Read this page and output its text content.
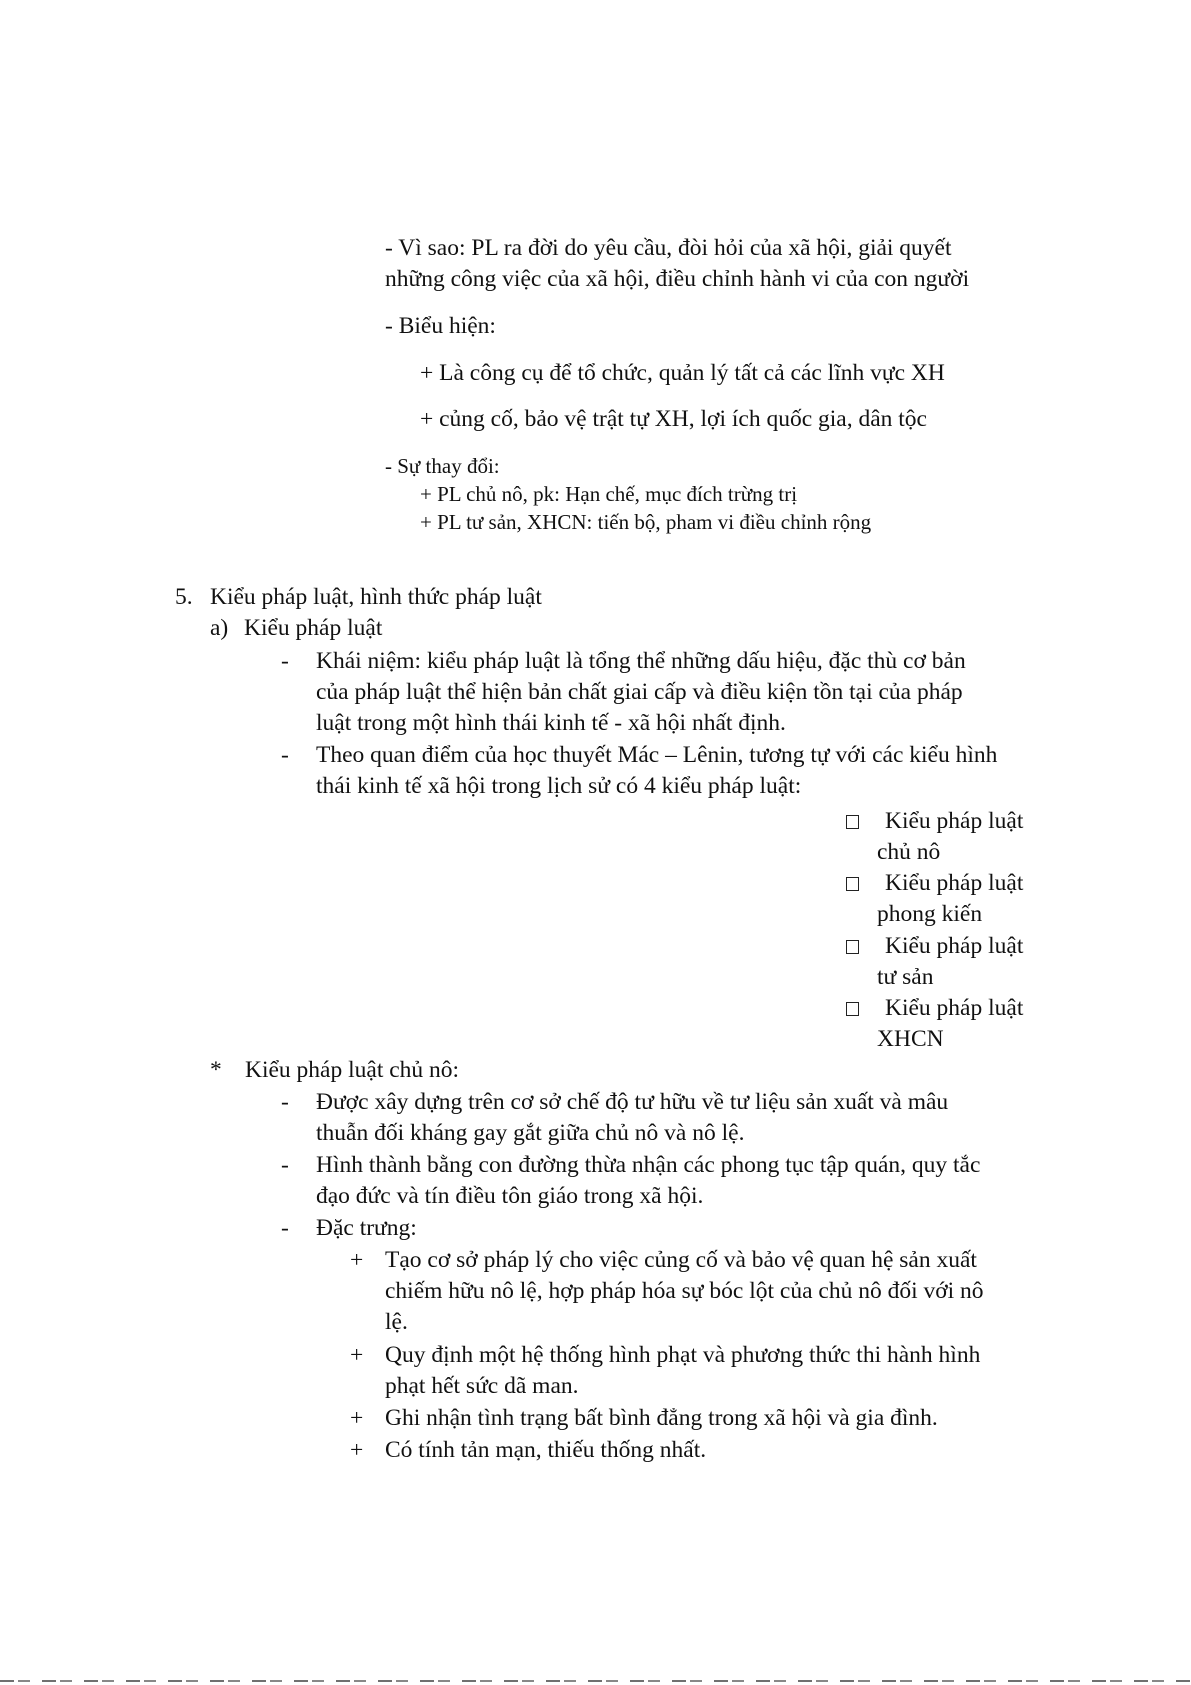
- Vì sao: PL ra đời do yêu cầu, đòi hỏi của xã hội, giải quyết
những công việc của xã hội, điều chỉnh hành vi của con người
- Biểu hiện:
+ Là công cụ để tổ chức, quản lý tất cả các lĩnh vực XH
+ củng cố, bảo vệ trật tự XH, lợi ích quốc gia, dân tộc
- Sự thay đổi:
+ PL chủ nô, pk: Hạn chế, mục đích trừng trị
+ PL tư sản, XHCN: tiến bộ, pham vi điều chỉnh rộng
5. Kiểu pháp luật, hình thức pháp luật
a) Kiểu pháp luật
- Khái niệm: kiểu pháp luật là tổng thể những dấu hiệu, đặc thù cơ bản
của pháp luật thể hiện bản chất giai cấp và điều kiện tồn tại của pháp
luật trong một hình thái kinh tế - xã hội nhất định.
- Theo quan điểm của học thuyết Mác – Lênin, tương tự với các kiểu hình
thái kinh tế xã hội trong lịch sử có 4 kiểu pháp luật:
Kiểu pháp luật
chủ nô
Kiểu pháp luật
phong kiến
Kiểu pháp luật
tư sản
Kiểu pháp luật
XHCN
* Kiểu pháp luật chủ nô:
- Được xây dựng trên cơ sở chế độ tư hữu về tư liệu sản xuất và mâu
thuẫn đối kháng gay gắt giữa chủ nô và nô lệ.
- Hình thành bằng con đường thừa nhận các phong tục tập quán, quy tắc
đạo đức và tín điều tôn giáo trong xã hội.
- Đặc trưng:
+ Tạo cơ sở pháp lý cho việc củng cố và bảo vệ quan hệ sản xuất
chiếm hữu nô lệ, hợp pháp hóa sự bóc lột của chủ nô đối với nô
lệ.
+ Quy định một hệ thống hình phạt và phương thức thi hành hình
phạt hết sức dã man.
+ Ghi nhận tình trạng bất bình đẳng trong xã hội và gia đình.
+ Có tính tản mạn, thiếu thống nhất.
